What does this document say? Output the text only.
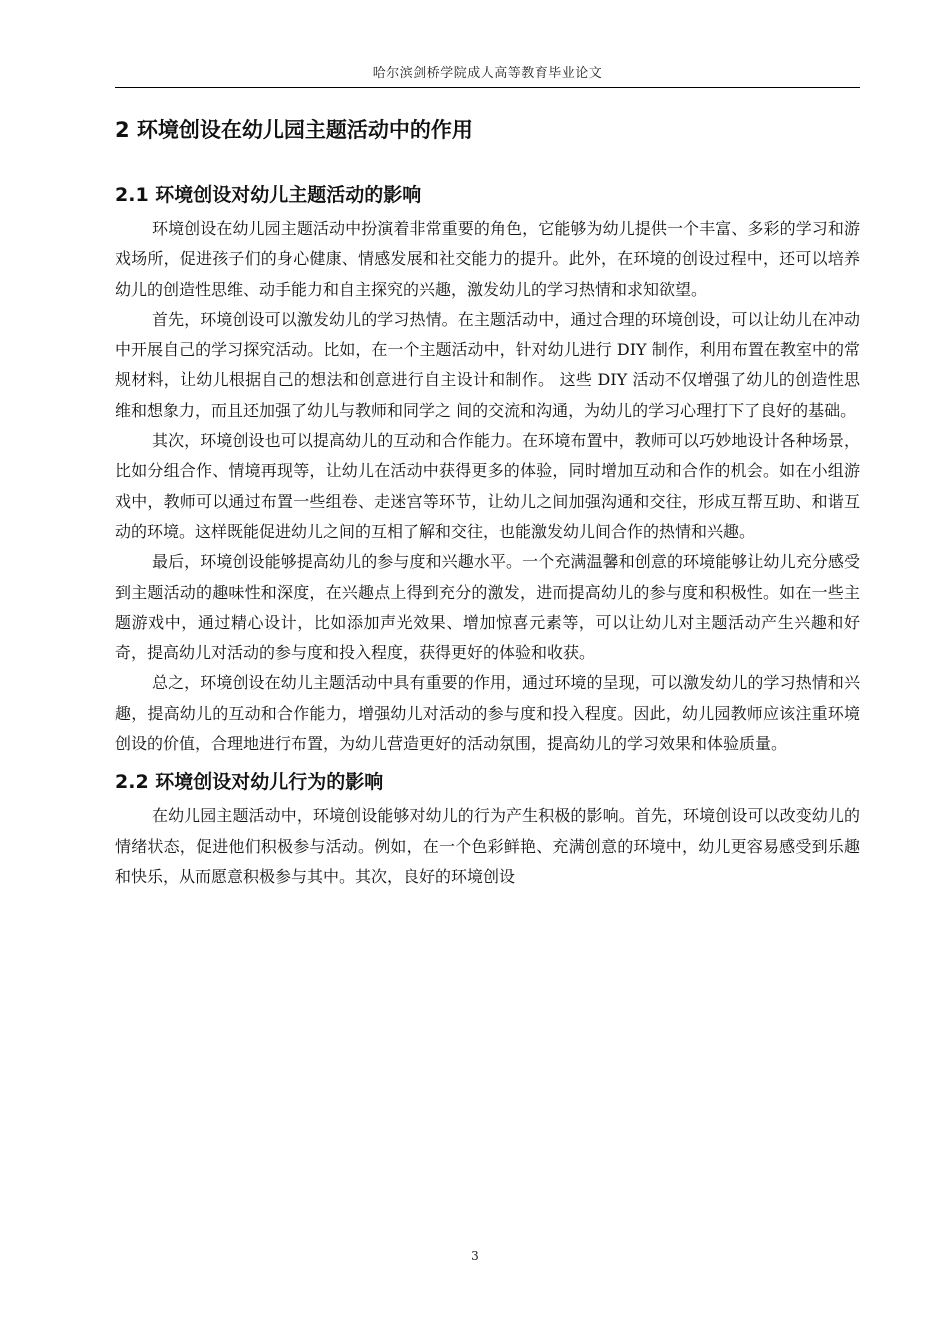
哈尔滨剑桥学院成人高等教育毕业论文
2 环境创设在幼儿园主题活动中的作用
2.1 环境创设对幼儿主题活动的影响

环境创设在幼儿园主题活动中扮演着非常重要的角色，它能够为幼儿提供一个丰富、多彩的学习和游戏场所，促进孩子们的身心健康、情感发展和社交能力的提升。此外，在环境的创设过程中，还可以培养幼儿的创造性思维、动手能力和自主探究的兴趣，激发幼儿的学习热情和求知欲望。

首先，环境创设可以激发幼儿的学习热情。在主题活动中，通过合理的环境创设，可以让幼儿在冲动中开展自己的学习探究活动。比如，在一个主题活动中，针对幼儿进行 DIY 制作，利用布置在教室中的常规材料，让幼儿根据自己的想法和创意进行自主设计和制作。 这些 DIY 活动不仅增强了幼儿的创造性思维和想象力，而且还加强了幼儿与教师和同学之 间的交流和沟通，为幼儿的学习心理打下了良好的基础。

其次，环境创设也可以提高幼儿的互动和合作能力。在环境布置中，教师可以巧妙地设计各种场景，比如分组合作、情境再现等，让幼儿在活动中获得更多的体验，同时增加互动和合作的机会。如在小组游戏中，教师可以通过布置一些组卷、走迷宫等环节，让幼儿之间加强沟通和交往，形成互帮互助、和谐互动的环境。这样既能促进幼儿之间的互相了解和交往，也能激发幼儿间合作的热情和兴趣。

最后，环境创设能够提高幼儿的参与度和兴趣水平。一个充满温馨和创意的环境能够让幼儿充分感受到主题活动的趣味性和深度，在兴趣点上得到充分的激发，进而提高幼儿的参与度和积极性。如在一些主题游戏中，通过精心设计，比如添加声光效果、增加惊喜元素等，可以让幼儿对主题活动产生兴趣和好奇，提高幼儿对活动的参与度和投入程度，获得更好的体验和收获。

总之，环境创设在幼儿主题活动中具有重要的作用，通过环境的呈现，可以激发幼儿的学习热情和兴趣，提高幼儿的互动和合作能力，增强幼儿对活动的参与度和投入程度。因此，幼儿园教师应该注重环境创设的价值，合理地进行布置，为幼儿营造更好的活动氛围，提高幼儿的学习效果和体验质量。

2.2 环境创设对幼儿行为的影响

在幼儿园主题活动中，环境创设能够对幼儿的行为产生积极的影响。首先，环境创设可以改变幼儿的情绪状态，促进他们积极参与活动。例如，在一个色彩鲜艳、充满创意的环境中，幼儿更容易感受到乐趣和快乐，从而愿意积极参与其中。其次，良好的环境创设

3
